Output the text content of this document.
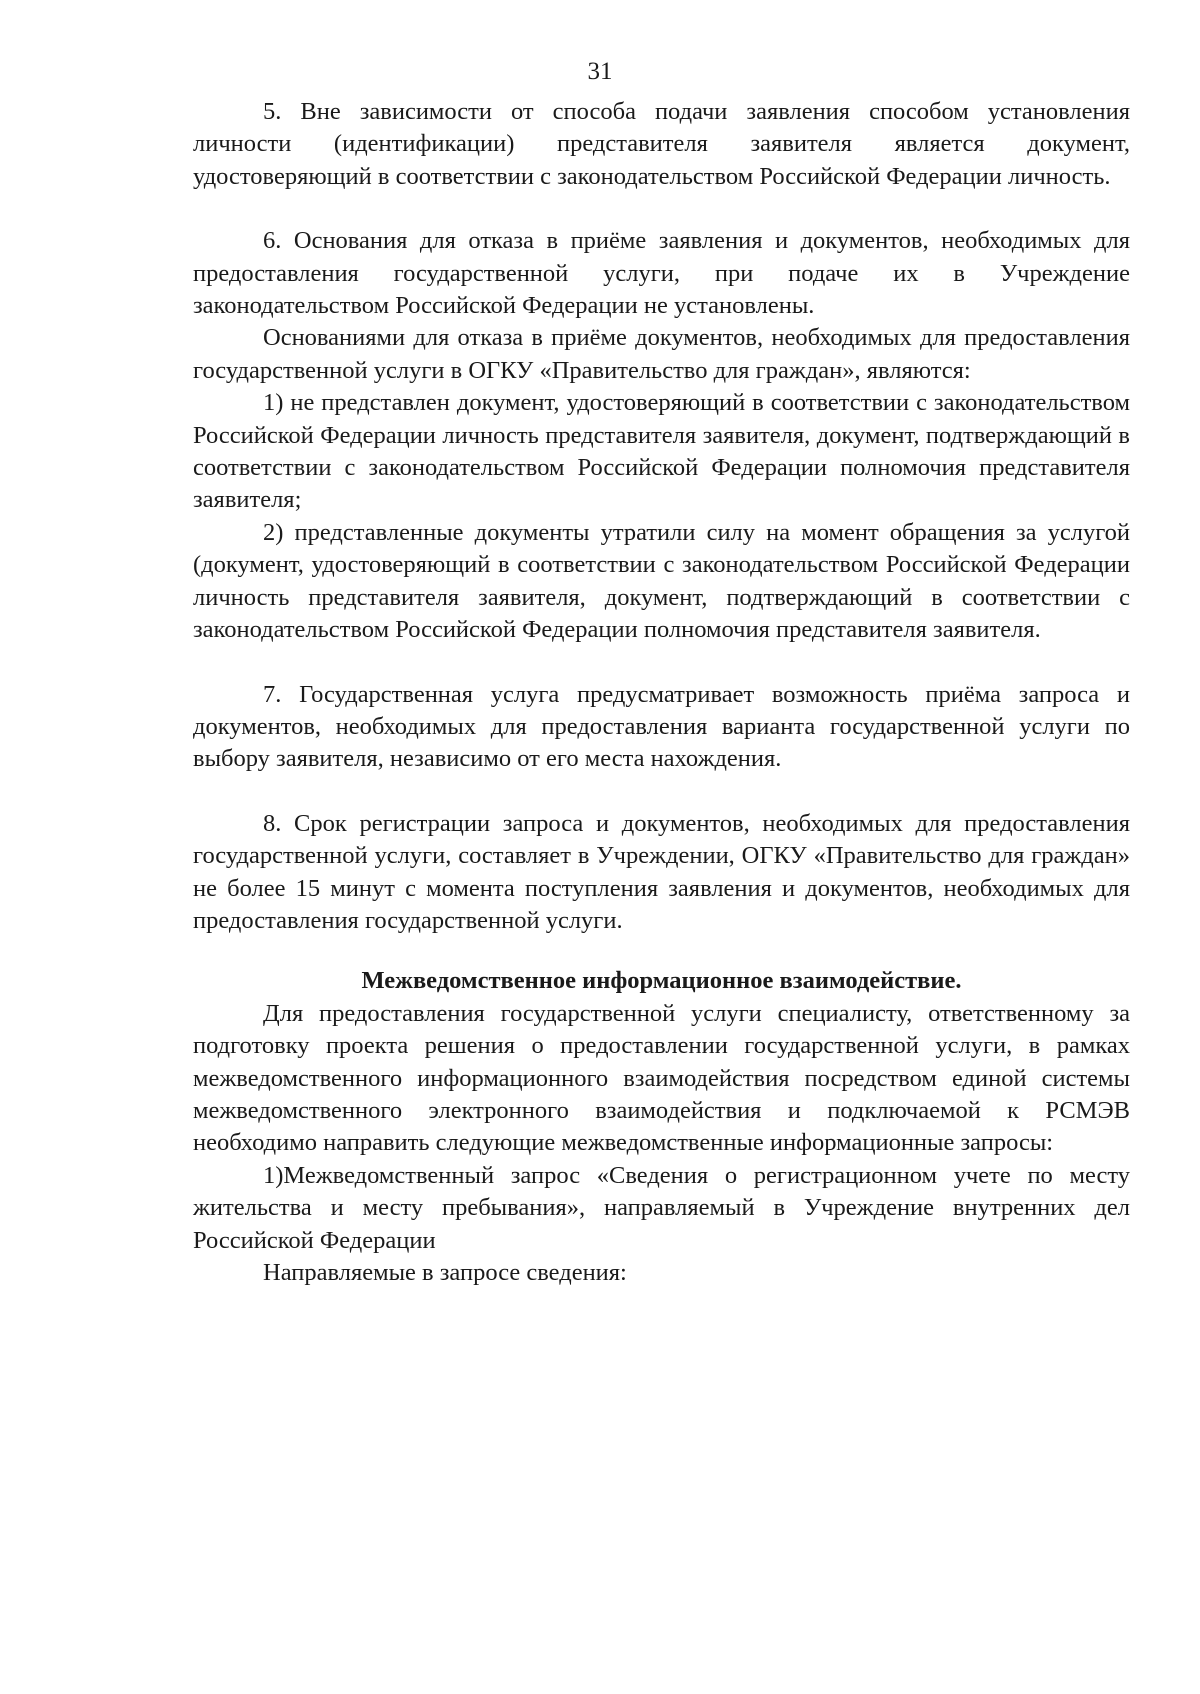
31

5. Вне зависимости от способа подачи заявления способом установления личности (идентификации) представителя заявителя является документ, удостоверяющий в соответствии с законодательством Российской Федерации личность.

6. Основания для отказа в приёме заявления и документов, необходимых для предоставления государственной услуги, при подаче их в Учреждение законодательством Российской Федерации не установлены.

Основаниями для отказа в приёме документов, необходимых для предоставления государственной услуги в ОГКУ «Правительство для граждан», являются:

1) не представлен документ, удостоверяющий в соответствии с законодательством Российской Федерации личность представителя заявителя, документ, подтверждающий в соответствии с законодательством Российской Федерации полномочия представителя заявителя;

2) представленные документы утратили силу на момент обращения за услугой (документ, удостоверяющий в соответствии с законодательством Российской Федерации личность представителя заявителя, документ, подтверждающий в соответствии с законодательством Российской Федерации полномочия представителя заявителя.

7. Государственная услуга предусматривает возможность приёма запроса и документов, необходимых для предоставления варианта государственной услуги по выбору заявителя, независимо от его места нахождения.

8. Срок регистрации запроса и документов, необходимых для предоставления государственной услуги, составляет в Учреждении, ОГКУ «Правительство для граждан» не более 15 минут с момента поступления заявления и документов, необходимых для предоставления государственной услуги.

Межведомственное информационное взаимодействие.

Для предоставления государственной услуги специалисту, ответственному за подготовку проекта решения о предоставлении государственной услуги, в рамках межведомственного информационного взаимодействия посредством единой системы межведомственного электронного взаимодействия и подключаемой к РСМЭВ необходимо направить следующие межведомственные информационные запросы:

1)Межведомственный запрос «Сведения о регистрационном учете по месту жительства и месту пребывания», направляемый в Учреждение внутренних дел Российской Федерации

Направляемые в запросе сведения:
